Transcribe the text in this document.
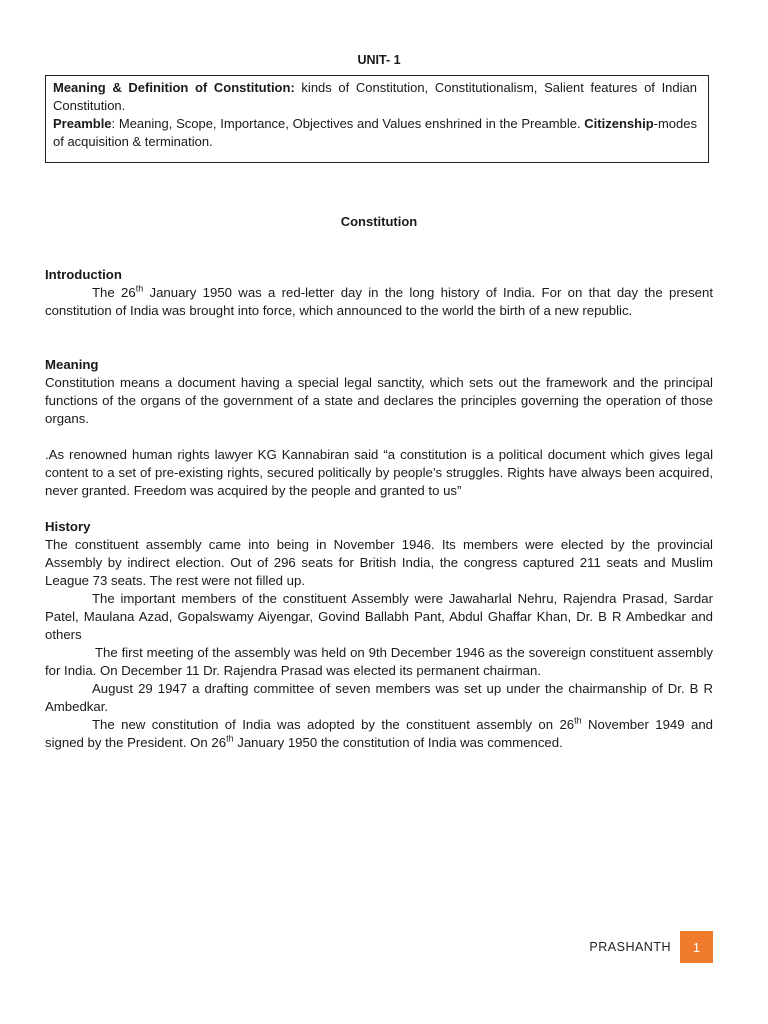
UNIT- 1

Meaning & Definition of Constitution: kinds of Constitution, Constitutionalism, Salient features of Indian Constitution.

Preamble: Meaning, Scope, Importance, Objectives and Values enshrined in the Preamble. Citizenship-modes of acquisition & termination.

Constitution
Introduction

The 26th January 1950 was a red-letter day in the long history of India. For on that day the present constitution of India was brought into force, which announced to the world the birth of a new republic.

Meaning

Constitution means a document having a special legal sanctity, which sets out the framework and the principal functions of the organs of the government of a state and declares the principles governing the operation of those organs.

.As renowned human rights lawyer KG Kannabiran said “a constitution is a political document which gives legal content to a set of pre-existing rights, secured politically by people’s struggles. Rights have always been acquired, never granted. Freedom was acquired by the people and granted to us”

History

The constituent assembly came into being in November 1946. Its members were elected by the provincial Assembly by indirect election. Out of 296 seats for British India, the congress captured 211 seats and Muslim League 73 seats. The rest were not filled up.

The important members of the constituent Assembly were Jawaharlal Nehru, Rajendra Prasad, Sardar Patel, Maulana Azad, Gopalswamy Aiyengar, Govind Ballabh Pant, Abdul Ghaffar Khan, Dr. B R Ambedkar and others

The first meeting of the assembly was held on 9th December 1946 as the sovereign constituent assembly for India. On December 11 Dr. Rajendra Prasad was elected its permanent chairman.

August 29 1947 a drafting committee of seven members was set up under the chairmanship of Dr. B R Ambedkar.

The new constitution of India was adopted by the constituent assembly on 26th November 1949 and signed by the President. On 26th January 1950 the constitution of India was commenced.

PRASHANTH	1
